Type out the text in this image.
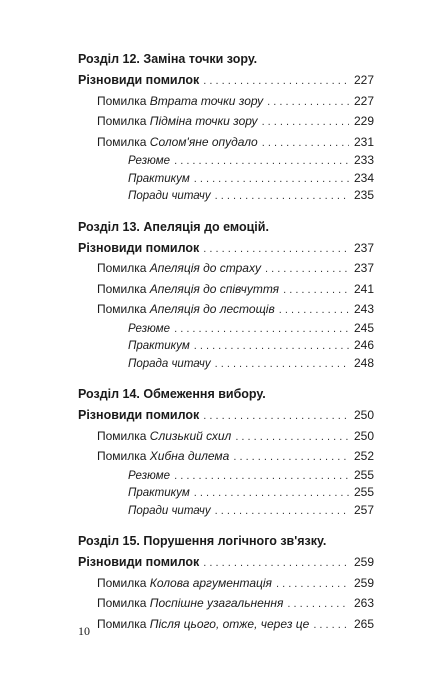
Розділ 12. Заміна точки зору.
Різновиди помилок . . .	227
Помилка Втрата точки зору . . .	227
Помилка Підміна точки зору . . .	229
Помилка Солом'яне опудало . . .	231
Резюме . . .	233
Практикум . . .	234
Поради читачу . . .	235
Розділ 13. Апеляція до емоцій.
Різновиди помилок . . .	237
Помилка Апеляція до страху . . .	237
Помилка Апеляція до співчуття . . .	241
Помилка Апеляція до лестощів . . .	243
Резюме . . .	245
Практикум . . .	246
Порада читачу . . .	248
Розділ 14. Обмеження вибору.
Різновиди помилок . . .	250
Помилка Слизький схил . . .	250
Помилка Хибна дилема . . .	252
Резюме . . .	255
Практикум . . .	255
Поради читачу . . .	257
Розділ 15. Порушення логічного зв'язку.
Різновиди помилок . . .	259
Помилка Колова аргументація . . .	259
Помилка Поспішне узагальнення . . .	263
Помилка Після цього, отже, через це . . .	265
10
